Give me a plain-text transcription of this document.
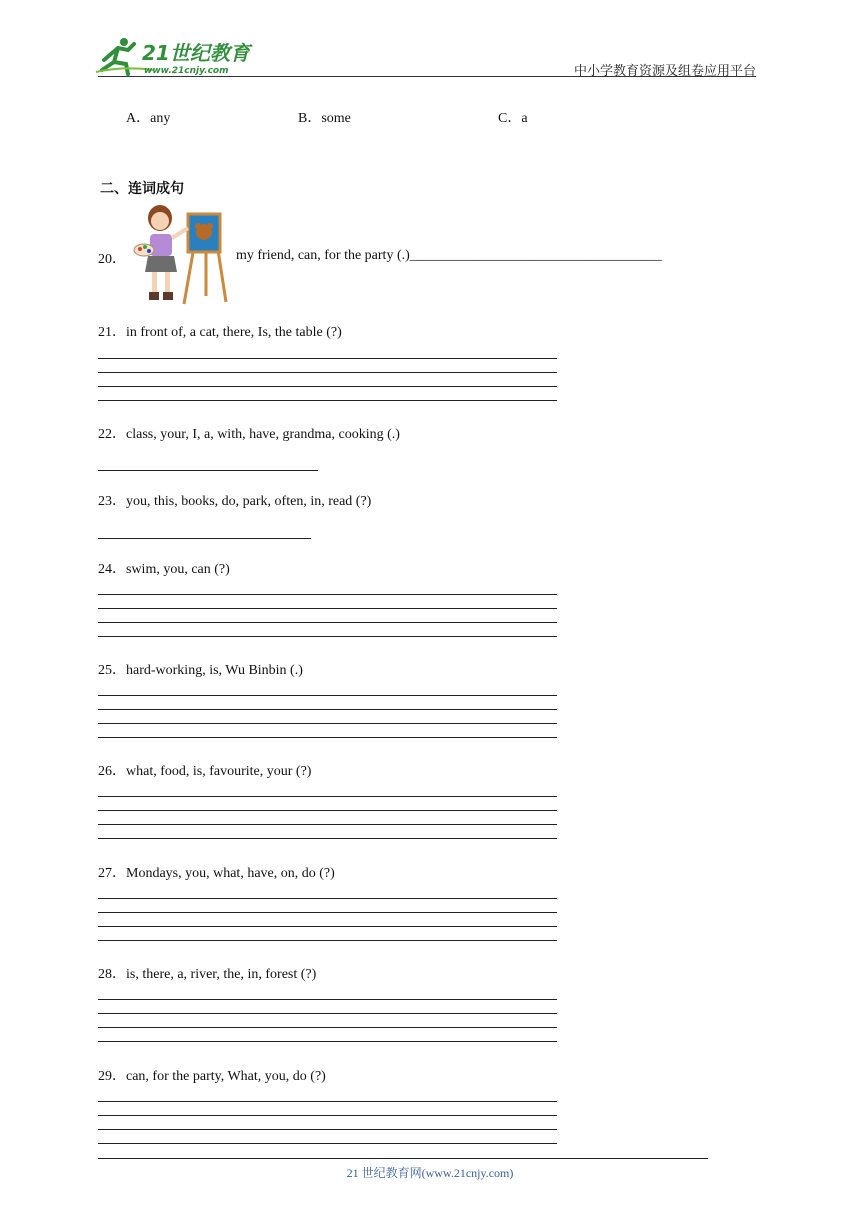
21世纪教育
www.21cnjy.com	中小学教育资源及组卷应用平台
A．any	B．some	C．a
二、连词成句
20．	my friend, can, for the party (.)____________________________________
21．in front of, a cat, there, Is, the table (?)
22．class, your, I, a, with, have, grandma, cooking (.)
23．you, this, books, do, park, often, in, read (?)
24．swim, you, can (?)
25．hard-working, is, Wu Binbin (.)
26．what, food, is, favourite, your (?)
27．Mondays, you, what, have, on, do (?)
28．is, there, a, river, the, in, forest (?)
29．can, for the party, What, you, do (?)
21 世纪教育网(www.21cnjy.com)
